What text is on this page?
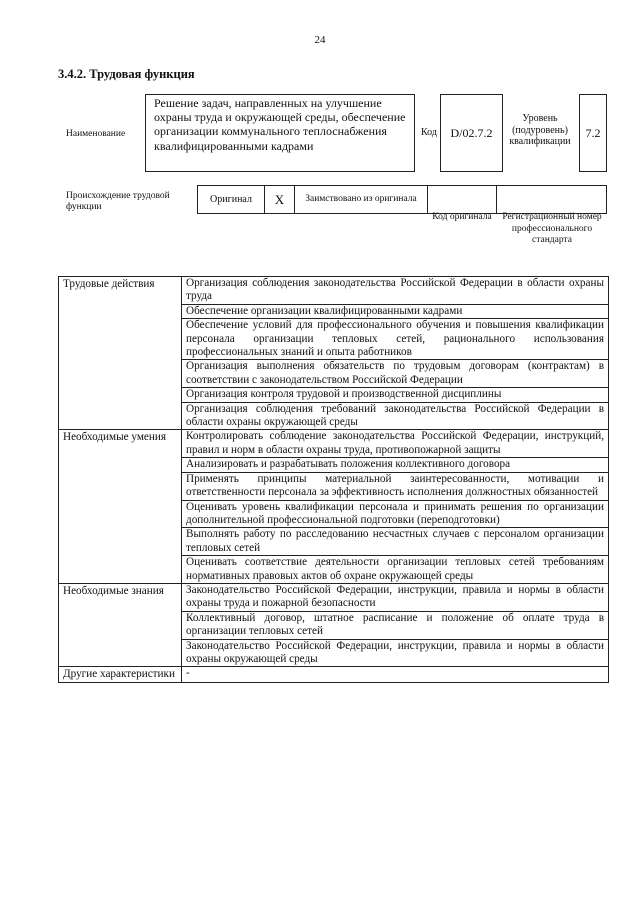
24
3.4.2. Трудовая функция
Наименование
Решение задач, направленных на улучшение охраны труда и окружающей среды, обеспечение организации коммунального теплоснабжения квалифицированными кадрами
Код	D/02.7.2
Уровень (подуровень) квалификации
7.2
Происхождение трудовой функции
Оригинал	X	Заимствовано из оригинала
Код оригинала Регистрационный номер профессионального стандарта
Трудовые действия	Организация соблюдения законодательства Российской Федерации в области охраны труда
	Обеспечение организации квалифицированными кадрами
	Обеспечение условий для профессионального обучения и повышения квалификации персонала организации тепловых сетей, рационального использования профессиональных знаний и опыта работников
	Организация выполнения обязательств по трудовым договорам (контрактам) в соответствии с законодательством Российской Федерации
	Организация контроля трудовой и производственной дисциплины
	Организация соблюдения требований законодательства Российской Федерации в области охраны окружающей среды
Необходимые умения	Контролировать соблюдение законодательства Российской Федерации, инструкций, правил и норм в области охраны труда, противопожарной защиты
	Анализировать и разрабатывать положения коллективного договора
	Применять принципы материальной заинтересованности, мотивации и ответственности персонала за эффективность исполнения должностных обязанностей
	Оценивать уровень квалификации персонала и принимать решения по организации дополнительной профессиональной подготовки (переподготовки)
	Выполнять работу по расследованию несчастных случаев с персоналом организации тепловых сетей
	Оценивать соответствие деятельности организации тепловых сетей требованиям нормативных правовых актов об охране окружающей среды
Необходимые знания	Законодательство Российской Федерации, инструкции, правила и нормы в области охраны труда и пожарной безопасности
	Коллективный договор, штатное расписание и положение об оплате труда в организации тепловых сетей
	Законодательство Российской Федерации, инструкции, правила и нормы в области охраны окружающей среды
Другие характеристики	-
